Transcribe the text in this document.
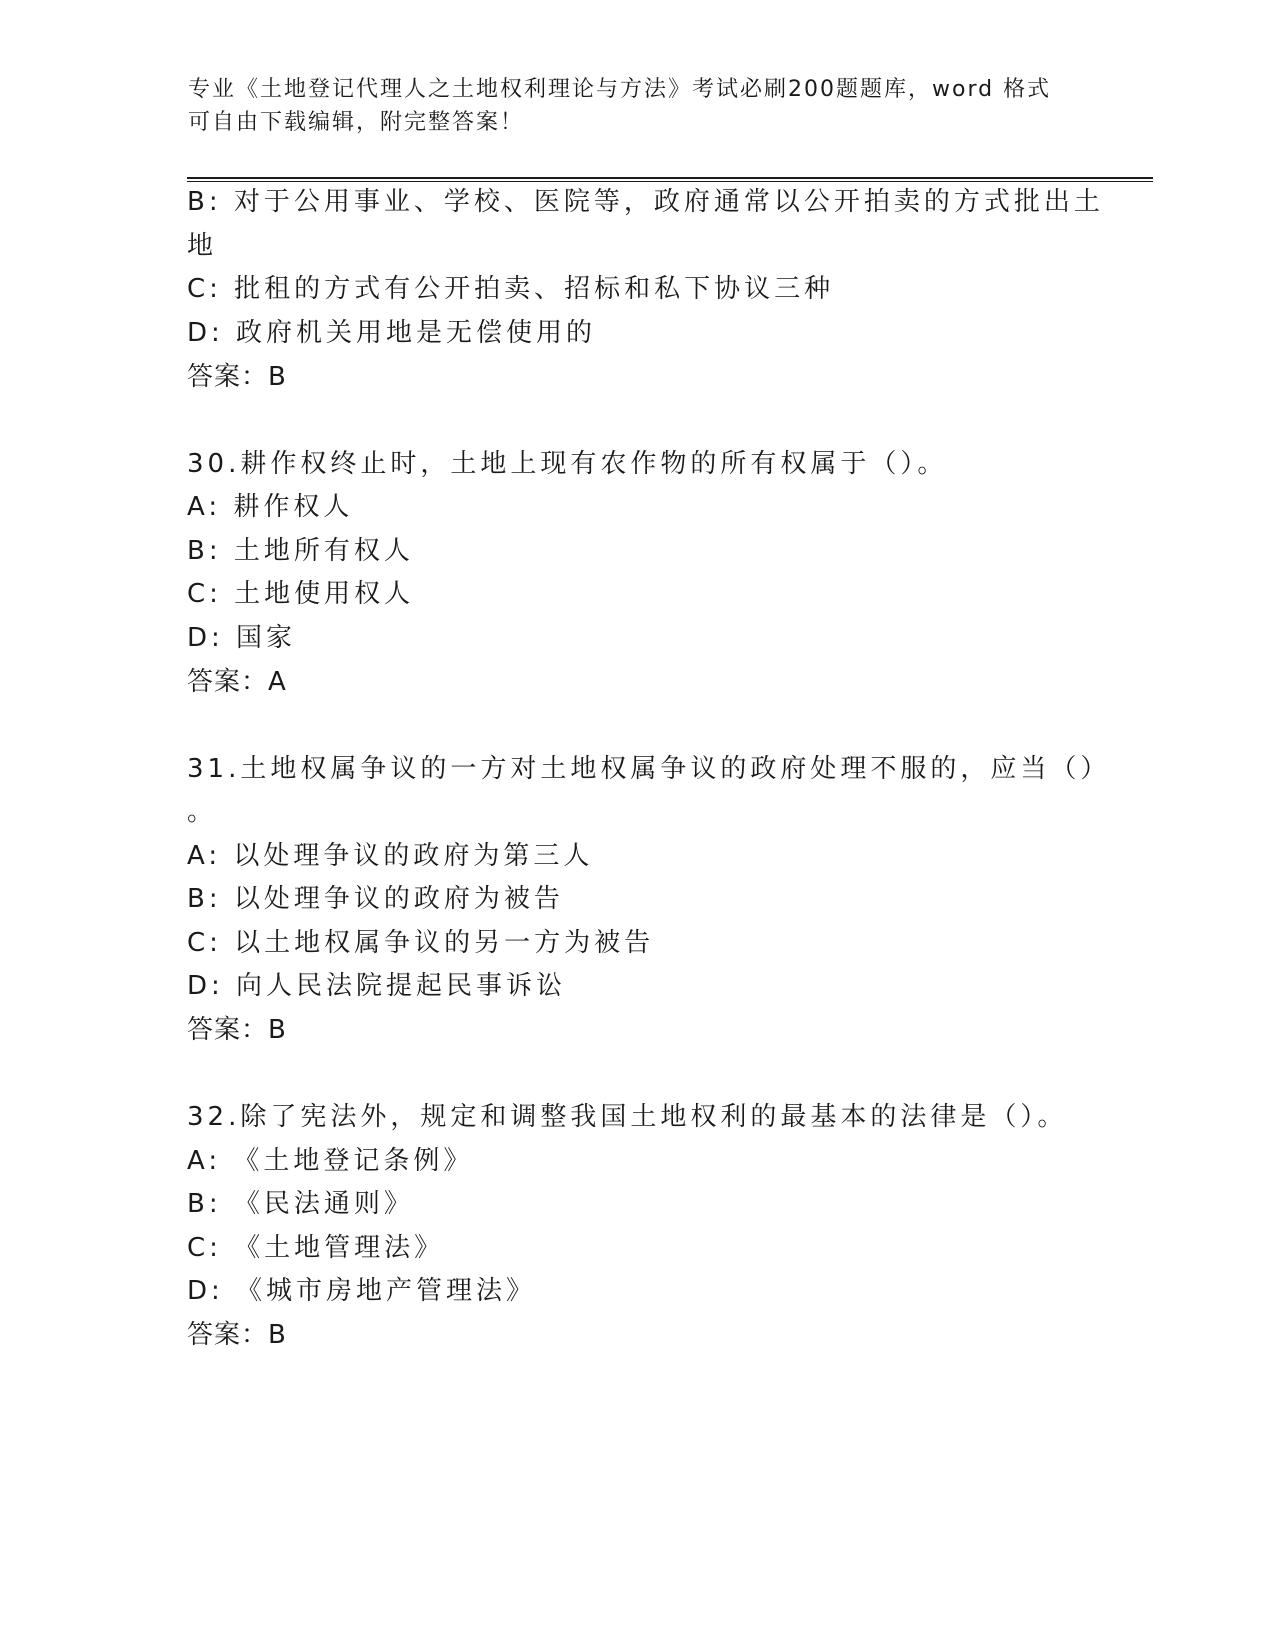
专业《土地登记代理人之土地权利理论与方法》考试必刷200题题库，word 格式
可自由下载编辑，附完整答案！
B: 对于公用事业、学校、医院等，政府通常以公开拍卖的方式批出土
地
C: 批租的方式有公开拍卖、招标和私下协议三种
D: 政府机关用地是无偿使用的
答案：B
30.耕作权终止时，土地上现有农作物的所有权属于（）。
A: 耕作权人
B: 土地所有权人
C: 土地使用权人
D: 国家
答案：A
31.土地权属争议的一方对土地权属争议的政府处理不服的，应当（）
。
A: 以处理争议的政府为第三人
B: 以处理争议的政府为被告
C: 以土地权属争议的另一方为被告
D: 向人民法院提起民事诉讼
答案：B
32.除了宪法外，规定和调整我国土地权利的最基本的法律是（）。
A: 《土地登记条例》
B: 《民法通则》
C: 《土地管理法》
D: 《城市房地产管理法》
答案：B
